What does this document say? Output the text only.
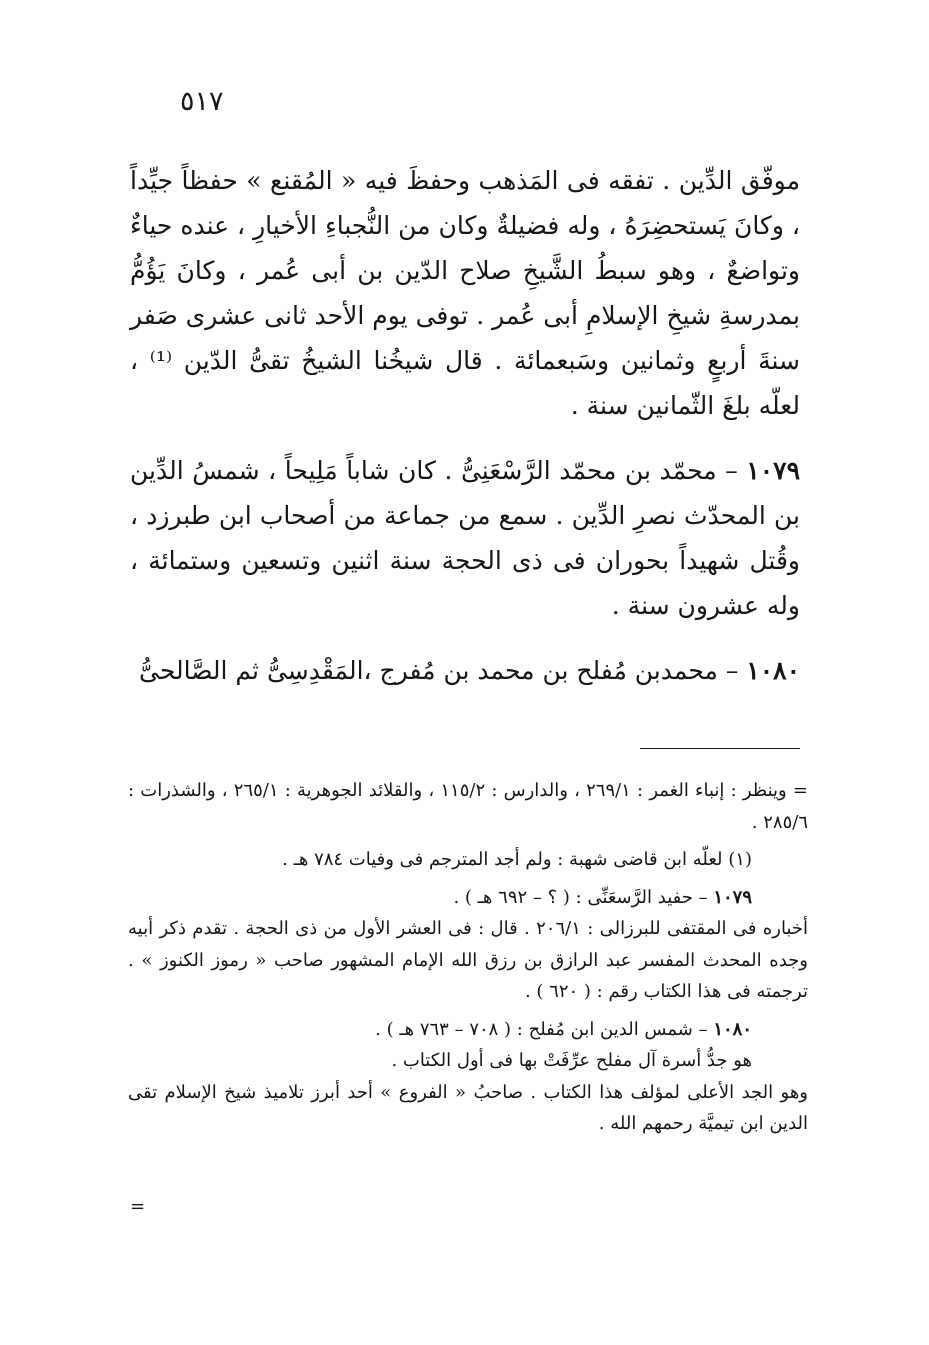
٥١٧

موفّق الدِّين . تفقه فى المَذهب وحفظَ فيه « المُقنع » حفظاً جيِّداً ، وكانَ يَستحضِرَهُ ، وله فضيلةٌ وكان من النُّجباءِ الأخيارِ ، عنده حياءٌ وتواضعٌ ، وهو سبطُ الشَّيخِ صلاح الدّين بن أبى عُمر ، وكانَ يَؤُمُّ بمدرسةِ شيخِ الإسلامِ أبى عُمر . توفى يوم الأحد ثانى عشرى صَفر سنةَ أربعٍ وثمانين وسَبعمائة . قال شيخُنا الشيخُ تقىُّ الدّين ⁽¹⁾ ، لعلّه بلغَ الثّمانين سنة .

١٠٧٩ – محمّد بن محمّد الرَّسْعَنِىُّ . كان شاباً مَلِيحاً ، شمسُ الدِّين بن المحدّث نصرِ الدِّين . سمع من جماعة من أصحاب ابن طبرزد ، وقُتل شهيداً بحوران فى ذى الحجة سنة اثنين وتسعين وستمائة ، وله عشرون سنة .

١٠٨٠ – محمدبن مُفلح بن محمد بن مُفرج ،المَقْدِسِىُّ ثم الصَّالحىُّ

= وينظر : إنباء الغمر : ٢٦٩/١ ، والدارس : ١١٥/٢ ، والقلائد الجوهرية : ٢٦٥/١ ، والشذرات : ٢٨٥/٦ .

(١) لعلّه ابن قاضى شهبة : ولم أجد المترجم فى وفيات ٧٨٤ هـ .

١٠٧٩ – حفيد الرَّسعَنِّى : ( ؟ – ٦٩٢ هـ ) .

أخباره فى المقتفى للبرزالى : ٢٠٦/١ . قال : فى العشر الأول من ذى الحجة . تقدم ذكر أبيه وجده المحدث المفسر عبد الرازق بن رزق الله الإمام المشهور صاحب « رموز الكنوز » . ترجمته فى هذا الكتاب رقم : ( ٦٢٠ ) .

١٠٨٠ – شمس الدين ابن مُفلح : ( ٧٠٨ – ٧٦٣ هـ ) .

هو جدُّ أسرة آل مفلح عرِّفَتْ بها فى أول الكتاب .

وهو الجد الأعلى لمؤلف هذا الكتاب . صاحبُ « الفروع » أحد أبرز تلاميذ شيخ الإسلام تقى الدين ابن تيميَّة رحمهم الله .

=
